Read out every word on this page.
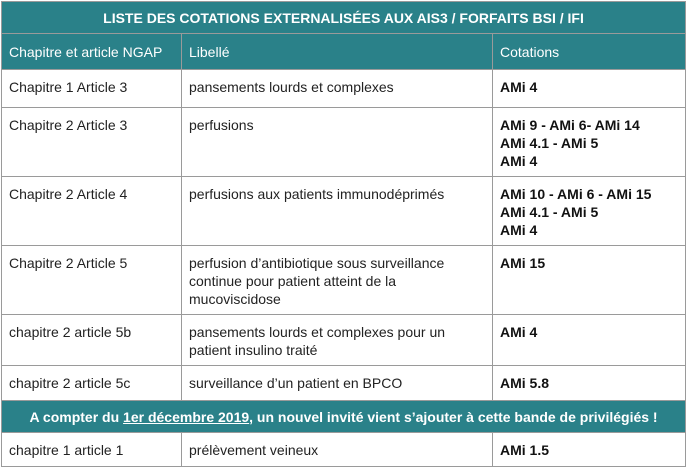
LISTE DES COTATIONS EXTERNALISÉES AUX AIS3 / FORFAITS BSI / IFI		
Chapitre et article NGAP	Libellé	Cotations
Chapitre 1 Article 3	pansements lourds et complexes	AMi 4

Chapitre 2 Article 3	perfusions	AMi 9 - AMi 6- AMi 14
AMi 4.1 - AMi 5
AMi 4

Chapitre 2 Article 4	perfusions aux patients immunodéprimés	AMi 10 - AMi 6 - AMi 15
AMi 4.1 - AMi 5
AMi 4

Chapitre 2 Article 5	perfusion d’antibiotique sous surveillance continue pour patient atteint de la mucoviscidose	AMi 15

chapitre 2 article 5b	pansements lourds et complexes pour un patient insulino traité	AMi 4

chapitre 2 article 5c	surveillance d’un patient en BPCO	AMi 5.8

A compter du 1er décembre 2019, un nouvel invité vient s’ajouter à cette bande de privilégiés !		
chapitre 1 article 1	prélèvement veineux	AMi 1.5
